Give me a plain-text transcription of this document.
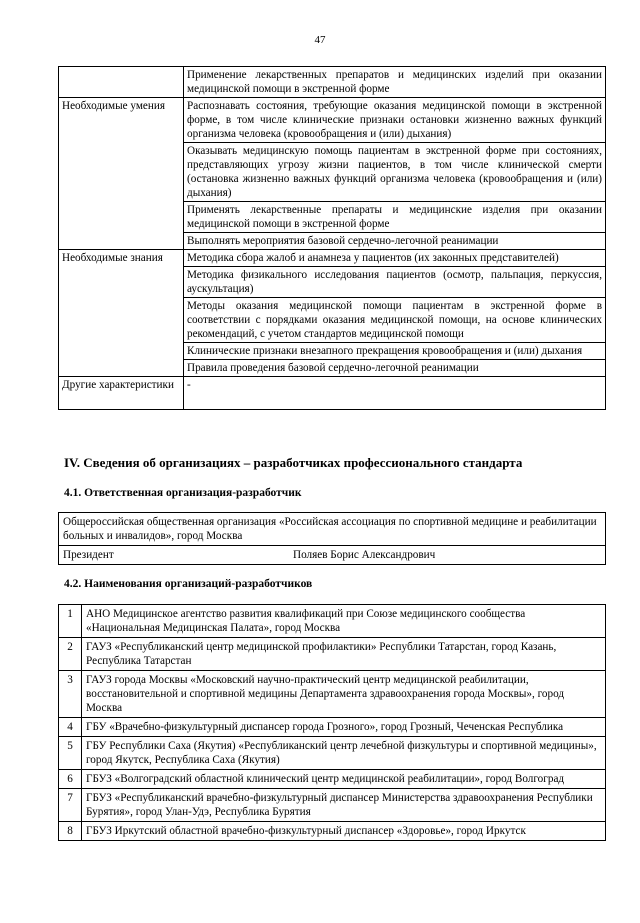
47
	Применение лекарственных препаратов и медицинских изделий при оказании медицинской помощи в экстренной форме
Необходимые умения	Распознавать состояния, требующие оказания медицинской помощи в экстренной форме, в том числе клинические признаки остановки жизненно важных функций организма человека (кровообращения и (или) дыхания)
	Оказывать медицинскую помощь пациентам в экстренной форме при состояниях, представляющих угрозу жизни пациентов, в том числе клинической смерти (остановка жизненно важных функций организма человека (кровообращения и (или) дыхания)
	Применять лекарственные препараты и медицинские изделия при оказании медицинской помощи в экстренной форме
	Выполнять мероприятия базовой сердечно-легочной реанимации
Необходимые знания	Методика сбора жалоб и анамнеза у пациентов (их законных представителей)
	Методика физикального исследования пациентов (осмотр, пальпация, перкуссия, аускультация)
	Методы оказания медицинской помощи пациентам в экстренной форме в соответствии с порядками оказания медицинской помощи, на основе клинических рекомендаций, с учетом стандартов медицинской помощи
	Клинические признаки внезапного прекращения кровообращения и (или) дыхания
	Правила проведения базовой сердечно-легочной реанимации
Другие характеристики	-
IV. Сведения об организациях – разработчиках профессионального стандарта
4.1. Ответственная организация-разработчик
Общероссийская общественная организация «Российская ассоциация по спортивной медицине и реабилитации больных и инвалидов», город Москва
Президент	Поляев Борис Александрович
4.2. Наименования организаций-разработчиков
1	АНО Медицинское агентство развития квалификаций при Союзе медицинского сообщества «Национальная Медицинская Палата», город Москва
2	ГАУЗ «Республиканский центр медицинской профилактики» Республики Татарстан, город Казань, Республика Татарстан
3	ГАУЗ города Москвы «Московский научно-практический центр медицинской реабилитации, восстановительной и спортивной медицины Департамента здравоохранения города Москвы», город Москва
4	ГБУ «Врачебно-физкультурный диспансер города Грозного», город Грозный, Чеченская Республика
5	ГБУ Республики Саха (Якутия) «Республиканский центр лечебной физкультуры и спортивной медицины», город Якутск, Республика Саха (Якутия)
6	ГБУЗ «Волгоградский областной клинический центр медицинской реабилитации», город Волгоград
7	ГБУЗ «Республиканский врачебно-физкультурный диспансер Министерства здравоохранения Республики Бурятия», город Улан-Удэ, Республика Бурятия
8	ГБУЗ Иркутский областной врачебно-физкультурный диспансер «Здоровье», город Иркутск
